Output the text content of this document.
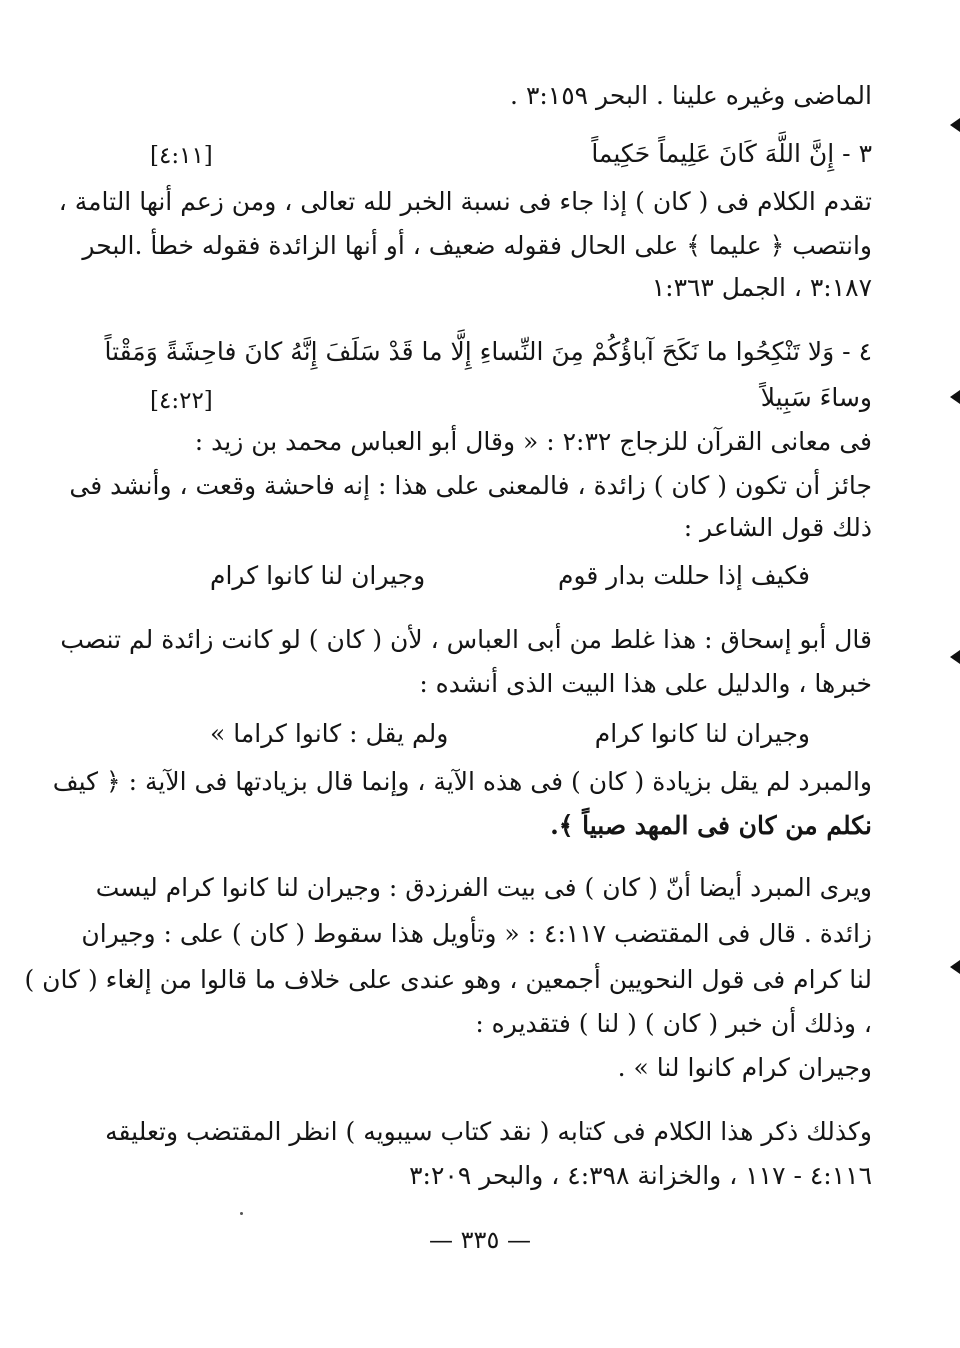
الماضى وغيره علينا . البحر ٣:١٥٩ .
٣ - إِنَّ اللَّهَ كَانَ عَلِيماً حَكِيماً
[٤:١١]
تقدم الكلام فى ( كان ) إذا جاء فى نسبة الخبر لله تعالى ، ومن زعم أنها التامة ،
وانتصب ﴿ عليما ﴾ على الحال فقوله ضعيف ، أو أنها الزائدة فقوله خطأ .البحر
٣:١٨٧ ، الجمل ١:٣٦٣
٤ - وَلا تَنْكِحُوا ما نَكَحَ آباؤُكُمْ مِنَ النِّساءِ إِلَّا ما قَدْ سَلَفَ إِنَّهُ كانَ فاحِشَةً وَمَقْتاً
وساءَ سَبِيلاً
[٤:٢٢]
فى معانى القرآن للزجاج ٢:٣٢ : « وقال أبو العباس محمد بن زيد :
جائز أن تكون ( كان ) زائدة ، فالمعنى على هذا : إنه فاحشة وقعت ، وأنشد فى
ذلك قول الشاعر :
فكيف إذا حللت بدار قوم
وجيران لنا كانوا كرام
قال أبو إسحاق : هذا غلط من أبى العباس ، لأن ( كان ) لو كانت زائدة لم تنصب
خبرها ، والدليل على هذا البيت الذى أنشده :
وجيران لنا كانوا كرام
ولم يقل : كانوا كراما »
والمبرد لم يقل بزيادة ( كان ) فى هذه الآية ، وإنما قال بزيادتها فى الآية : ﴿ كيف
نكلم من كان فى المهد صبياً ﴾.
ويرى المبرد أيضا أنّ ( كان ) فى بيت الفرزدق : وجيران لنا كانوا كرام ليست
زائدة . قال فى المقتضب ٤:١١٧ : « وتأويل هذا سقوط ( كان ) على : وجيران
لنا كرام فى قول النحويين أجمعين ، وهو عندى على خلاف ما قالوا من إلغاء ( كان )
، وذلك أن خبر ( كان ) ( لنا ) فتقديره :
وجيران كرام كانوا لنا » .
وكذلك ذكر هذا الكلام فى كتابه ( نقد كتاب سيبويه ) انظر المقتضب وتعليقه
٤:١١٦ - ١١٧ ، والخزانة ٤:٣٩٨ ، والبحر ٣:٢٠٩
— ٣٣٥ —
